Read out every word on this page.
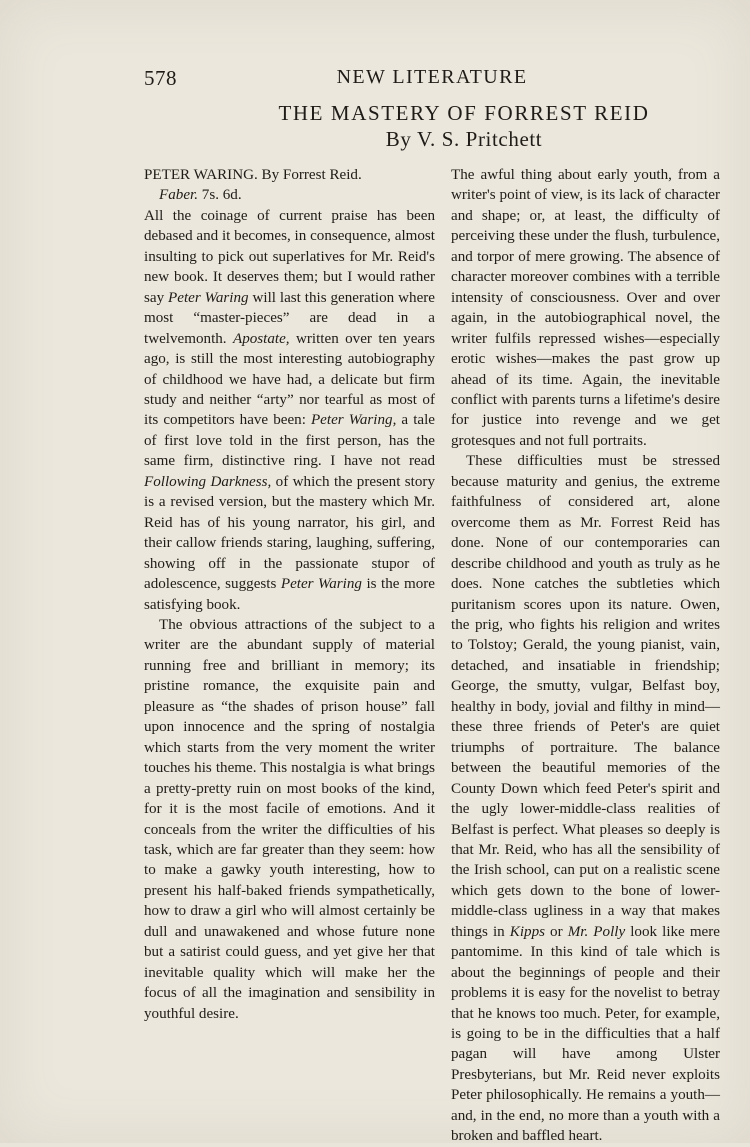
578	NEW LITERATURE
THE MASTERY OF FORREST REID
By V. S. Pritchett

PETER WARING. By Forrest Reid.

Faber. 7s. 6d.

All the coinage of current praise has been debased and it becomes, in consequence, almost insulting to pick out superlatives for Mr. Reid's new book. It deserves them; but I would rather say Peter Waring will last this generation where most “master-pieces” are dead in a twelvemonth. Apostate, written over ten years ago, is still the most interesting autobiography of childhood we have had, a delicate but firm study and neither “arty” nor tearful as most of its competitors have been: Peter Waring, a tale of first love told in the first person, has the same firm, distinctive ring. I have not read Following Darkness, of which the present story is a revised version, but the mastery which Mr. Reid has of his young narrator, his girl, and their callow friends staring, laughing, suffering, showing off in the passionate stupor of adolescence, suggests Peter Waring is the more satisfying book.

The obvious attractions of the subject to a writer are the abundant supply of material running free and brilliant in memory; its pristine romance, the exquisite pain and pleasure as “the shades of prison house” fall upon innocence and the spring of nostalgia which starts from the very moment the writer touches his theme. This nostalgia is what brings a pretty-pretty ruin on most books of the kind, for it is the most facile of emotions. And it conceals from the writer the difficulties of his task, which are far greater than they seem: how to make a gawky youth interesting, how to present his half-baked friends sympathetically, how to draw a girl who will almost certainly be dull and unawakened and whose future none but a satirist could guess, and yet give her that inevitable quality which will make her the focus of all the imagination and sensibility in youthful desire.

The awful thing about early youth, from a writer's point of view, is its lack of character and shape; or, at least, the difficulty of perceiving these under the flush, turbulence, and torpor of mere growing. The absence of character moreover combines with a terrible intensity of consciousness. Over and over again, in the autobiographical novel, the writer fulfils repressed wishes—especially erotic wishes—makes the past grow up ahead of its time. Again, the inevitable conflict with parents turns a lifetime's desire for justice into revenge and we get grotesques and not full portraits.

These difficulties must be stressed because maturity and genius, the extreme faithfulness of considered art, alone overcome them as Mr. Forrest Reid has done. None of our contemporaries can describe childhood and youth as truly as he does. None catches the subtleties which puritanism scores upon its nature. Owen, the prig, who fights his religion and writes to Tolstoy; Gerald, the young pianist, vain, detached, and insatiable in friendship; George, the smutty, vulgar, Belfast boy, healthy in body, jovial and filthy in mind—these three friends of Peter's are quiet triumphs of portraiture. The balance between the beautiful memories of the County Down which feed Peter's spirit and the ugly lower-middle-class realities of Belfast is perfect. What pleases so deeply is that Mr. Reid, who has all the sensibility of the Irish school, can put on a realistic scene which gets down to the bone of lower-middle-class ugliness in a way that makes things in Kipps or Mr. Polly look like mere pantomime. In this kind of tale which is about the beginnings of people and their problems it is easy for the novelist to betray that he knows too much. Peter, for example, is going to be in the difficulties that a half pagan will have among Ulster Presbyterians, but Mr. Reid never exploits Peter philosophically. He remains a youth—and, in the end, no more than a youth with a broken and baffled heart.
